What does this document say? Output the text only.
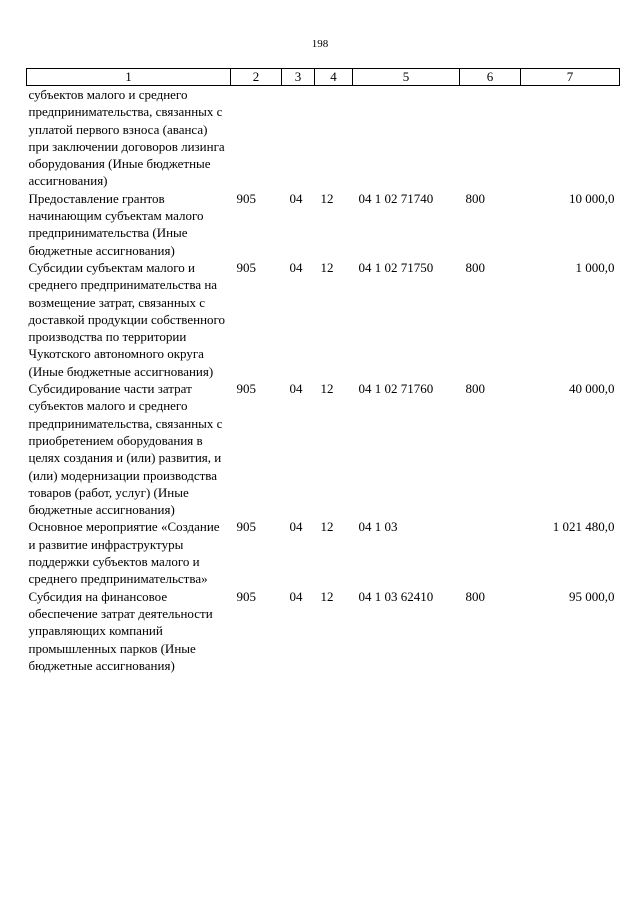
198
1	2	3	4	5	6	7
субъектов малого и среднего предпринимательства, связанных с уплатой первого взноса (аванса) при заключении договоров лизинга оборудования (Иные бюджетные ассигнования)						
Предоставление грантов начинающим субъектам малого предпринимательства (Иные бюджетные ассигнования)	905	04	12	04 1 02 71740	800	10 000,0
Субсидии субъектам малого и среднего предпринимательства на возмещение затрат, связанных с доставкой продукции собственного производства по территории Чукотского автономного округа (Иные бюджетные ассигнования)	905	04	12	04 1 02 71750	800	1 000,0
Субсидирование части затрат субъектов малого и среднего предпринимательства, связанных с приобретением оборудования в целях создания и (или) развития, и (или) модернизации производства товаров (работ, услуг) (Иные бюджетные ассигнования)	905	04	12	04 1 02 71760	800	40 000,0
Основное мероприятие «Создание и развитие инфраструктуры поддержки субъектов малого и среднего предпринимательства»	905	04	12	04 1 03		1 021 480,0
Субсидия на финансовое обеспечение затрат деятельности управляющих компаний промышленных парков (Иные бюджетные ассигнования)	905	04	12	04 1 03 62410	800	95 000,0
